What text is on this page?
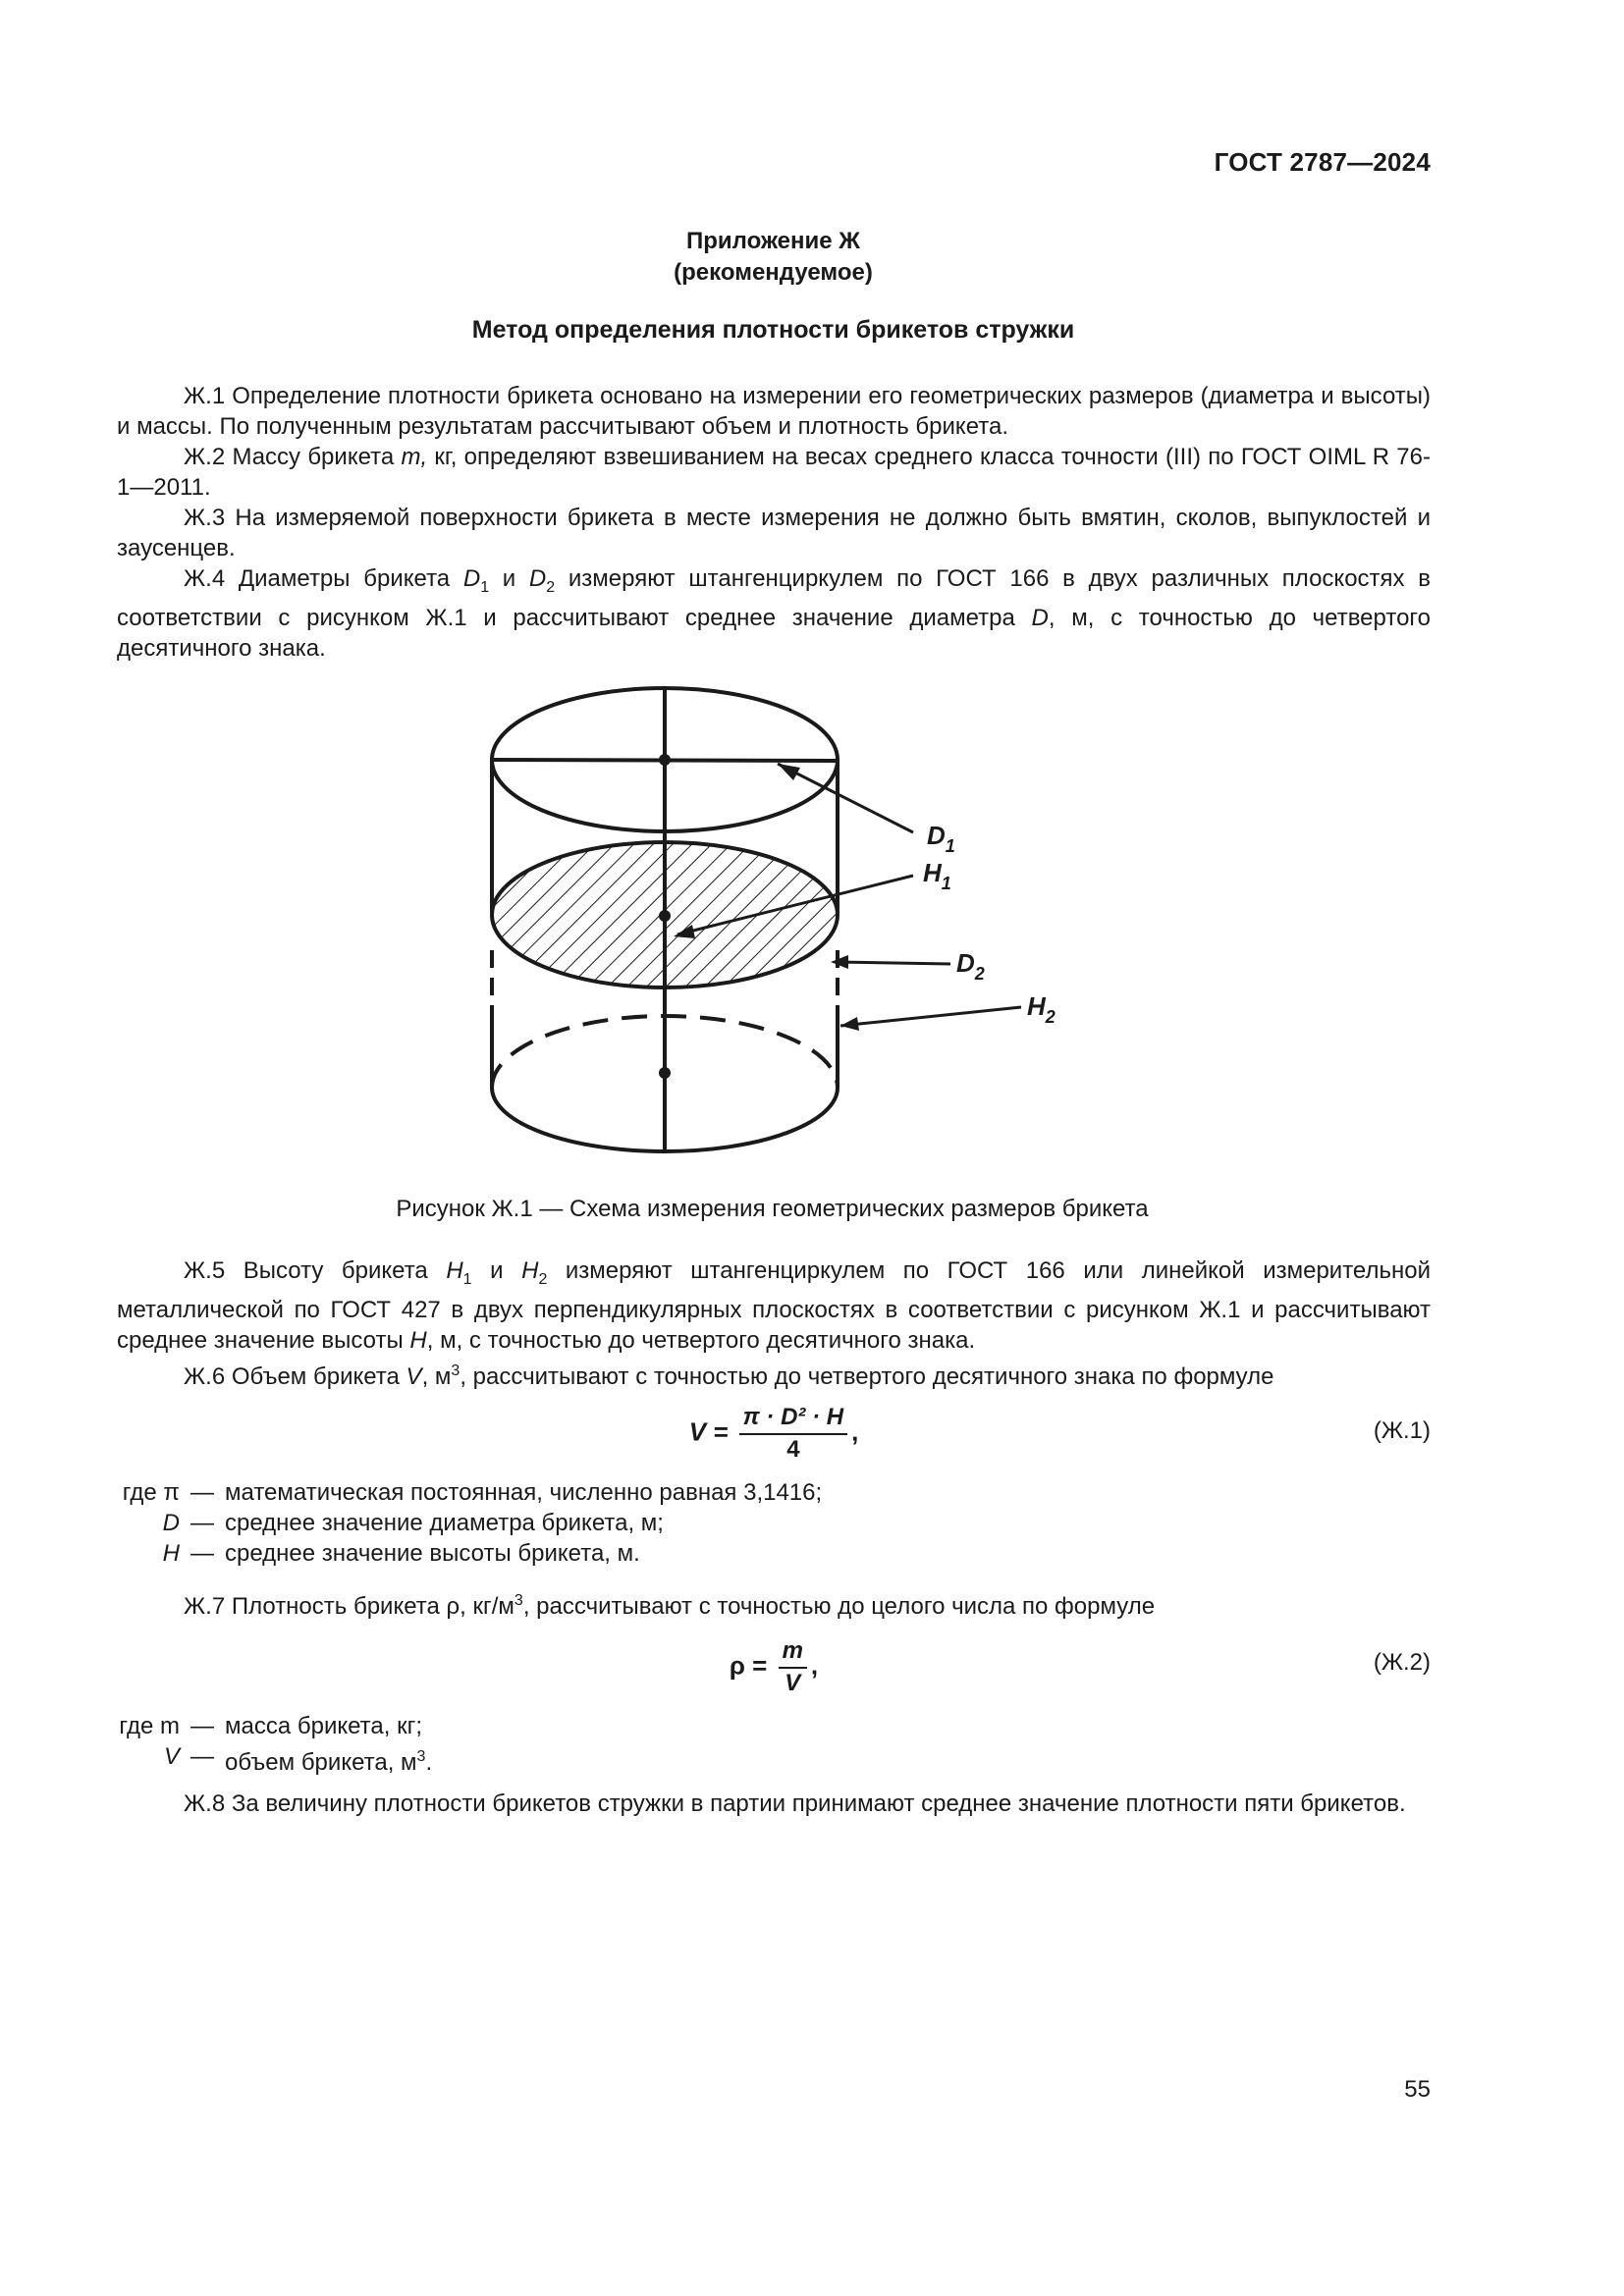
ГОСТ 2787—2024
Приложение Ж
(рекомендуемое)
Метод определения плотности брикетов стружки

Ж.1 Определение плотности брикета основано на измерении его геометрических размеров (диаметра и высоты) и массы. По полученным результатам рассчитывают объем и плотность брикета.

Ж.2 Массу брикета m, кг, определяют взвешиванием на весах среднего класса точности (III) по ГОСТ OIML R 76-1—2011.

Ж.3 На измеряемой поверхности брикета в месте измерения не должно быть вмятин, сколов, выпуклостей и заусенцев.

Ж.4 Диаметры брикета $D_1$ и $D_2$ измеряют штангенциркулем по ГОСТ 166 в двух различных плоскостях в соответствии с рисунком Ж.1 и рассчитывают среднее значение диаметра D, м, с точностью до четвертого десятичного знака.

$D_1$
$H_1$
$D_2$
$H_2$
Рисунок Ж.1 — Схема измерения геометрических размеров брикета

Ж.5 Высоту брикета $H_1$ и $H_2$ измеряют штангенциркулем по ГОСТ 166 или линейкой измерительной металлической по ГОСТ 427 в двух перпендикулярных плоскостях в соответствии с рисунком Ж.1 и рассчитывают среднее значение высоты H, м, с точностью до четвертого десятичного знака.

Ж.6 Объем брикета V, $м^3$, рассчитывают с точностью до четвертого десятичного знака по формуле

$V = \frac{\text{π · D² · H}}{4}$ ,	(Ж.1)
где π — математическая постоянная, численно равная 3,1416;
D — среднее значение диаметра брикета, м;
H — среднее значение высоты брикета, м.

Ж.7 Плотность брикета ρ, $кг/м^3$, рассчитывают с точностью до целого числа по формуле

$\rho = \frac{m}{V}$ ,	(Ж.2)
где m — масса брикета, кг;
V — объем брикета, $м^3$.

Ж.8 За величину плотности брикетов стружки в партии принимают среднее значение плотности пяти брикетов.

55
